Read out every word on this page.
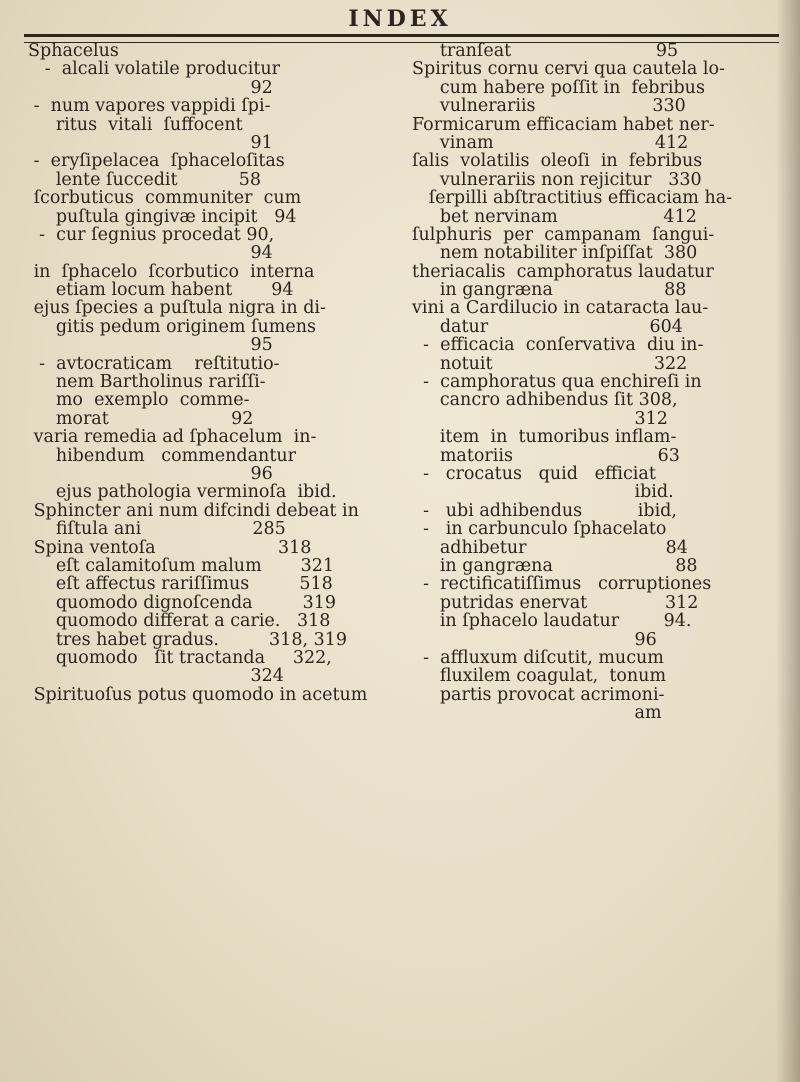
INDEX
Sphacelus
-  alcali volatile producitur
92
-  num vapores vappidi ſpi-
ritus  vitali  ſuffocent
91
-  eryſipelacea  ſphaceloſitas
lente ſuccedit           58
ſcorbuticus  communiter  cum
puſtula gingivæ incipit   94
-  cur ſegnius procedat 90,
94
in  ſphacelo  ſcorbutico  interna
etiam locum habent       94
ejus ſpecies a puſtula nigra in di-
gitis pedum originem ſumens
95
-  avtocraticam    reſtitutio-
nem Bartholinus rariſſi-
mo  exemplo  comme-
morat                      92
varia remedia ad ſphacelum  in-
hibendum   commendantur
96
ejus pathologia verminoſa  ibid.
Sphincter ani num difcindi debeat in
fiſtula ani                    285
Spina ventoſa                      318
eſt calamitoſum malum       321
eſt affectus rariſſimus         518
quomodo dignoſcenda         319
quomodo differat a carie.   318
tres habet gradus.         318, 319
quomodo   ſit tractanda     322,
324
Spirituoſus potus quomodo in acetum
tranſeat                          95
Spiritus cornu cervi qua cautela lo-
cum habere poſſit in  febribus
vulnerariis                     330
Formicarum efficaciam habet ner-
vinam                             412
ſalis  volatilis  oleoſi  in  febribus
vulnerariis non rejicitur   330
ſerpilli abſtractitius efficaciam ha-
bet nervinam                   412
ſulphuris  per  campanam  ſangui-
nem notabiliter inſpiſſat  380
theriacalis  camphoratus laudatur
in gangræna                    88
vini a Cardilucio in cataracta lau-
datur                             604
-  efficacia  conſervativa  diu in-
notuit                             322
-  camphoratus qua enchireſi in
cancro adhibendus ſit 308,
312
item  in  tumoribus inflam-
matoriis                          63
-   crocatus   quid   efficiat
ibid.
-   ubi adhibendus          ibid,
-   in carbunculo ſphacelato
adhibetur                         84
in gangræna                      88
-  rectificatiſſimus   corruptiones
putridas enervat              312
in ſphacelo laudatur        94.
96
-  affluxum diſcutit, mucum
fluxilem coagulat,  tonum
partis provocat acrimoni-
am
